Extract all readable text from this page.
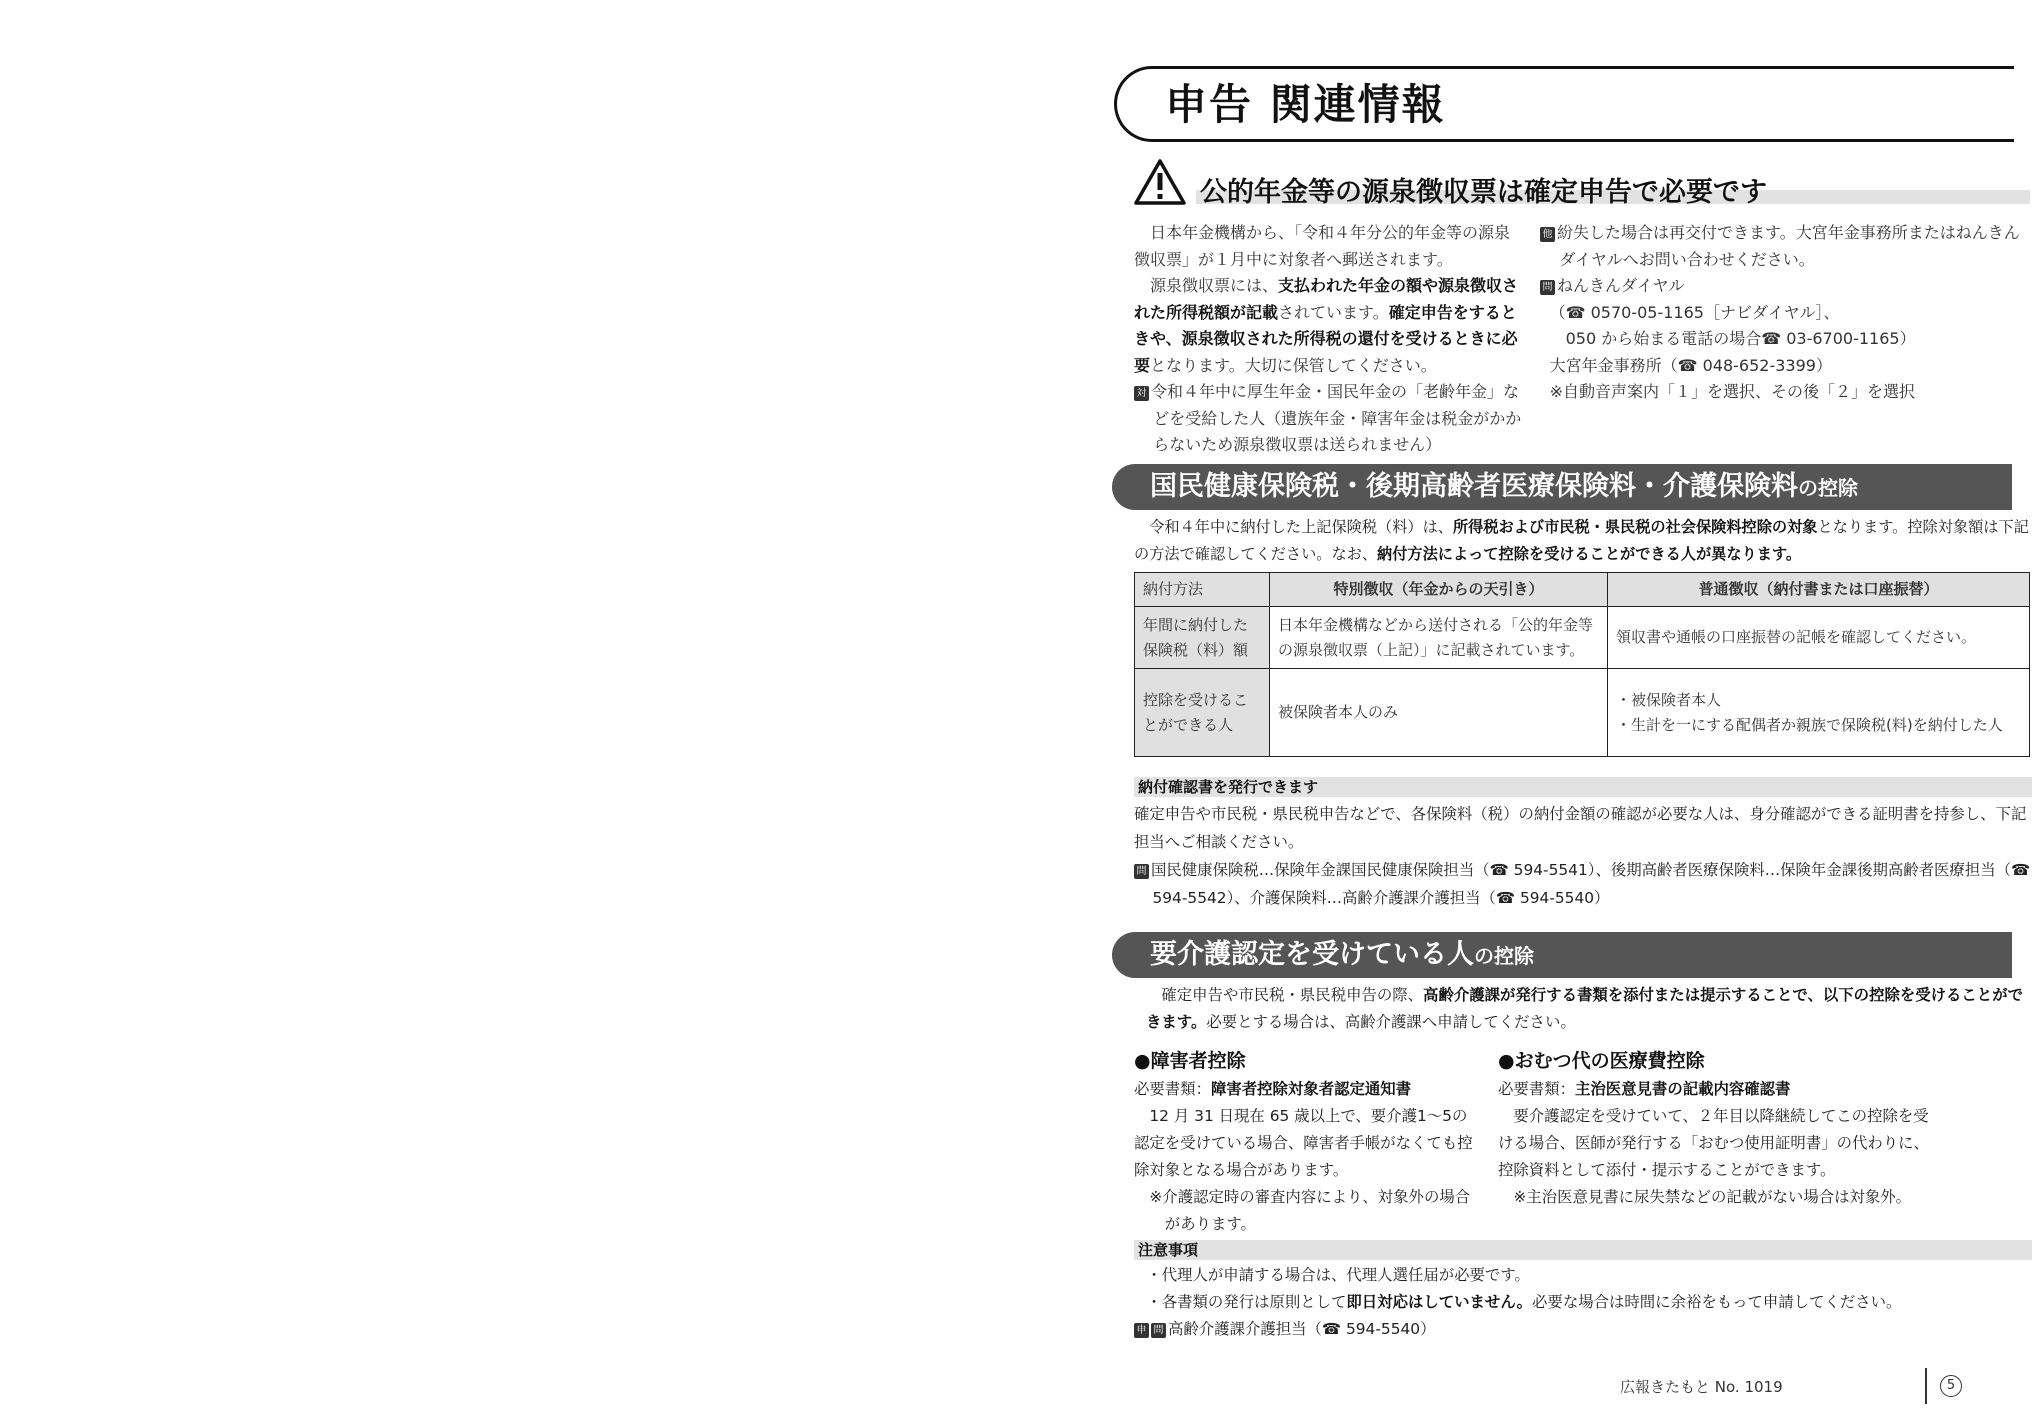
申告 関連情報
公的年金等の源泉徴収票は確定申告で必要です

日本年金機構から、「令和４年分公的年金等の源泉徴収票」が１月中に対象者へ郵送されます。

源泉徴収票には、支払われた年金の額や源泉徴収された所得税額が記載されています。確定申告をするときや、源泉徴収された所得税の還付を受けるときに必要となります。大切に保管してください。

対 令和４年中に厚生年金・国民年金の「老齢年金」などを受給した人（遺族年金・障害年金は税金がかからないため源泉徴収票は送られません）

他 紛失した場合は再交付できます。大宮年金事務所またはねんきんダイヤルへお問い合わせください。

問 ねんきんダイヤル

（☎ 0570-05-1165［ナビダイヤル］、

050 から始まる電話の場合☎ 03-6700-1165）

大宮年金事務所（☎ 048-652-3399）

※自動音声案内「１」を選択、その後「２」を選択

国民健康保険税・後期高齢者医療保険料・介護保険料の控除
令和４年中に納付した上記保険税（料）は、所得税および市民税・県民税の社会保険料控除の対象となります。控除対象額は下記の方法で確認してください。なお、納付方法によって控除を受けることができる人が異なります。
納付方法	特別徴収（年金からの天引き）	普通徴収（納付書または口座振替）
年間に納付した保険税（料）額	日本年金機構などから送付される「公的年金等の源泉徴収票（上記）」に記載されています。	領収書や通帳の口座振替の記帳を確認してください。
控除を受けることができる人	被保険者本人のみ	・被保険者本人
・生計を一にする配偶者か親族で保険税(料)を納付した人
納付確認書を発行できます

確定申告や市民税・県民税申告などで、各保険料（税）の納付金額の確認が必要な人は、身分確認ができる証明書を持参し、下記担当へご相談ください。

問 国民健康保険税…保険年金課国民健康保険担当（☎ 594-5541）、後期高齢者医療保険料…保険年金課後期高齢者医療担当（☎ 594-5542）、介護保険料…高齢介護課介護担当（☎ 594-5540）

要介護認定を受けている人の控除
確定申告や市民税・県民税申告の際、高齢介護課が発行する書類を添付または提示することで、以下の控除を受けることができます。必要とする場合は、高齢介護課へ申請してください。
●障害者控除

必要書類：障害者控除対象者認定通知書

12 月 31 日現在 65 歳以上で、要介護1～5の認定を受けている場合、障害者手帳がなくても控除対象となる場合があります。

※介護認定時の審査内容により、対象外の場合があります。

●おむつ代の医療費控除

必要書類：主治医意見書の記載内容確認書

要介護認定を受けていて、２年目以降継続してこの控除を受ける場合、医師が発行する「おむつ使用証明書」の代わりに、控除資料として添付・提示することができます。

※主治医意見書に尿失禁などの記載がない場合は対象外。

注意事項

・代理人が申請する場合は、代理人選任届が必要です。

・各書類の発行は原則として即日対応はしていません。必要な場合は時間に余裕をもって申請してください。

申 問 高齢介護課介護担当（☎ 594-5540）

広報きたもと No. 1019	5
